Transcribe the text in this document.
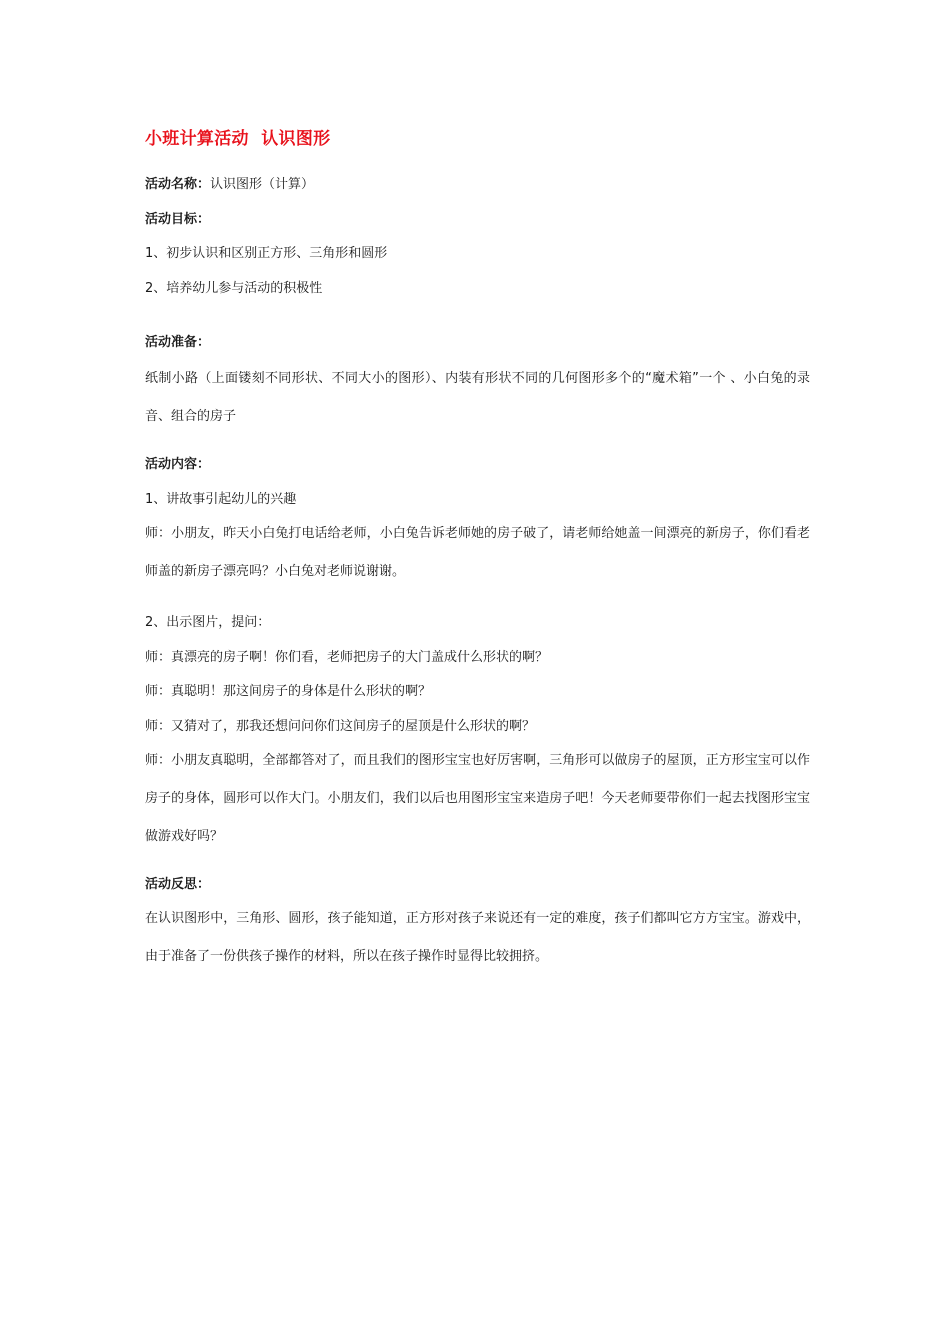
小班计算活动  认识图形

活动名称：认识图形（计算）

活动目标：

1、初步认识和区别正方形、三角形和圆形

2、培养幼儿参与活动的积极性

活动准备：

纸制小路（上面镂刻不同形状、不同大小的图形）、内装有形状不同的几何图形多个的“魔术箱”一个 、小白兔的录音、组合的房子

活动内容：

1、讲故事引起幼儿的兴趣

师：小朋友，昨天小白兔打电话给老师，小白兔告诉老师她的房子破了，请老师给她盖一间漂亮的新房子，你们看老师盖的新房子漂亮吗？小白兔对老师说谢谢。

2、出示图片，提问：

师：真漂亮的房子啊！你们看，老师把房子的大门盖成什么形状的啊？

师：真聪明！那这间房子的身体是什么形状的啊？

师：又猜对了，那我还想问问你们这间房子的屋顶是什么形状的啊？

师：小朋友真聪明，全部都答对了，而且我们的图形宝宝也好厉害啊，三角形可以做房子的屋顶，正方形宝宝可以作房子的身体，圆形可以作大门。小朋友们，我们以后也用图形宝宝来造房子吧！今天老师要带你们一起去找图形宝宝做游戏好吗？

活动反思：

在认识图形中，三角形、圆形，孩子能知道，正方形对孩子来说还有一定的难度，孩子们都叫它方方宝宝。游戏中，由于准备了一份供孩子操作的材料，所以在孩子操作时显得比较拥挤。
